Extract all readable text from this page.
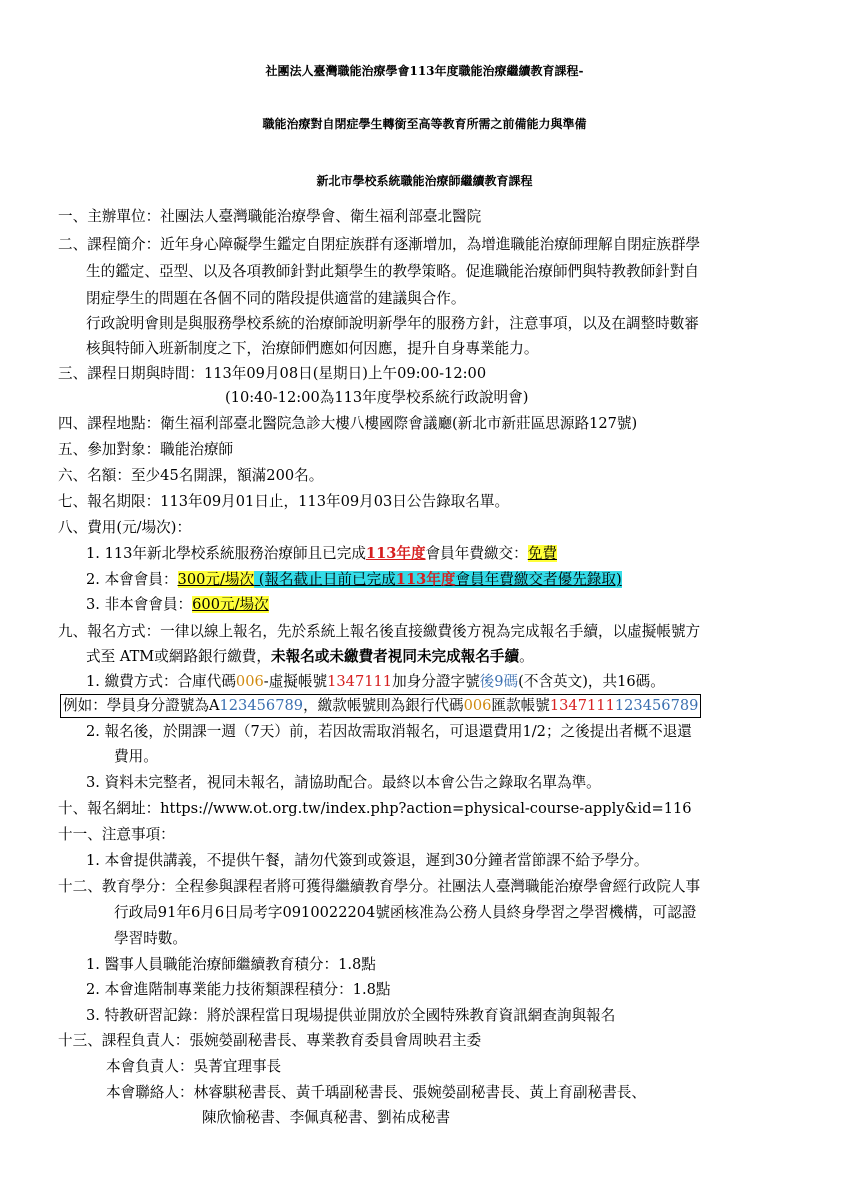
社團法人臺灣職能治療學會113年度職能治療繼續教育課程-
職能治療對自閉症學生轉銜至高等教育所需之前備能力與準備
新北市學校系統職能治療師繼續教育課程
一、主辦單位：社團法人臺灣職能治療學會、衛生福利部臺北醫院
二、課程簡介：近年身心障礙學生鑑定自閉症族群有逐漸增加，為增進職能治療師理解自閉症族群學
生的鑑定、亞型、以及各項教師針對此類學生的教學策略。促進職能治療師們與特教教師針對自
閉症學生的問題在各個不同的階段提供適當的建議與合作。
行政說明會則是與服務學校系統的治療師說明新學年的服務方針，注意事項，以及在調整時數審
核與特師入班新制度之下，治療師們應如何因應，提升自身專業能力。
三、課程日期與時間：113年09月08日(星期日)上午09:00-12:00
(10:40-12:00為113年度學校系統行政說明會)
四、課程地點：衛生福利部臺北醫院急診大樓八樓國際會議廳(新北市新莊區思源路127號)
五、參加對象：職能治療師
六、名額：至少45名開課，額滿200名。
七、報名期限：113年09月01日止，113年09月03日公告錄取名單。
八、費用(元/場次)：
1. 113年新北學校系統服務治療師且已完成113年度會員年費繳交：免費
2. 本會會員：300元/場次 (報名截止日前已完成113年度會員年費繳交者優先錄取)
3. 非本會會員：600元/場次
九、報名方式：一律以線上報名，先於系統上報名後直接繳費後方視為完成報名手續，以虛擬帳號方
式至 ATM或網路銀行繳費，未報名或未繳費者視同未完成報名手續。
1. 繳費方式：合庫代碼006-虛擬帳號1347111加身分證字號後9碼(不含英文)，共16碼。
例如：學員身分證號為A123456789，繳款帳號則為銀行代碼006匯款帳號1347111123456789
2. 報名後，於開課一週（7天）前，若因故需取消報名，可退還費用1/2；之後提出者概不退還
費用。
3. 資料未完整者，視同未報名，請協助配合。最終以本會公告之錄取名單為準。
十、報名網址：https://www.ot.org.tw/index.php?action=physical-course-apply&id=116
十一、注意事項：
1. 本會提供講義，不提供午餐，請勿代簽到或簽退，遲到30分鐘者當節課不給予學分。
十二、教育學分：全程參與課程者將可獲得繼續教育學分。社團法人臺灣職能治療學會經行政院人事
行政局91年6月6日局考字0910022204號函核准為公務人員終身學習之學習機構，可認證
學習時數。
1. 醫事人員職能治療師繼續教育積分：1.8點
2. 本會進階制專業能力技術類課程積分：1.8點
3. 特教研習記錄：將於課程當日現場提供並開放於全國特殊教育資訊網查詢與報名
十三、課程負責人：張婉嫈副秘書長、專業教育委員會周映君主委
本會負責人：吳菁宜理事長
本會聯絡人：林睿騏秘書長、黃千瑀副秘書長、張婉嫈副秘書長、黃上育副秘書長、
陳欣愉秘書、李佩真秘書、劉祐成秘書
